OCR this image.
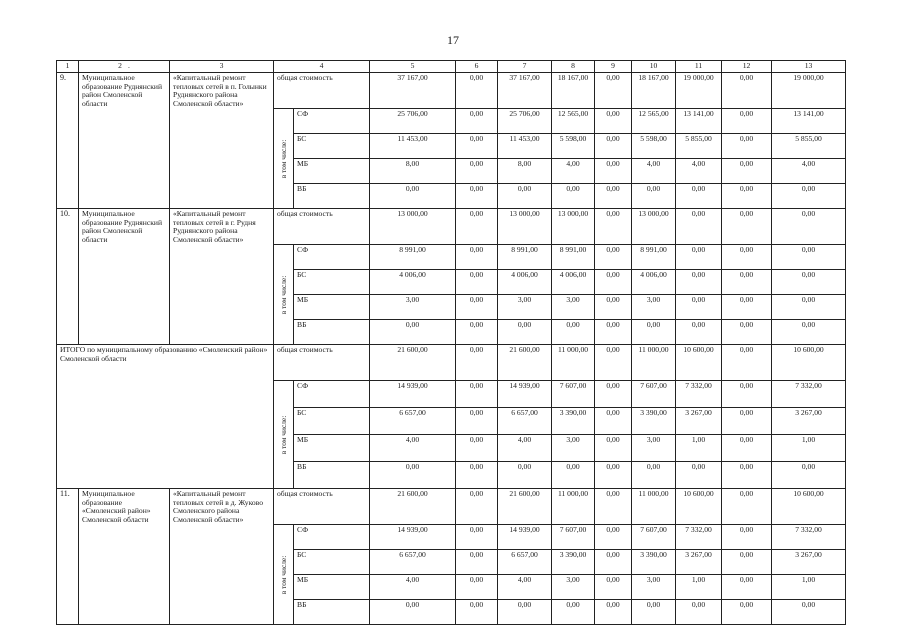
17
1	2 .	3	4		5	6	7	8	9	10	11	12	13
9.	Муниципальное образование Руднянский район Смоленской области	«Капитальный ремонт тепловых сетей в п. Голынки Руднянского района Смоленской области»	общая стоимость		37 167,00	0,00	37 167,00	18 167,00	0,00	18 167,00	19 000,00	0,00	19 000,00

			в том числе:	СФ	25 706,00	0,00	25 706,00	12 565,00	0,00	12 565,00	13 141,00	0,00	13 141,00
				БС	11 453,00	0,00	11 453,00	5 598,00	0,00	5 598,00	5 855,00	0,00	5 855,00
				МБ	8,00	0,00	8,00	4,00	0,00	4,00	4,00	0,00	4,00
				ВБ	0,00	0,00	0,00	0,00	0,00	0,00	0,00	0,00	0,00
10.	Муниципальное образование Руднянский район Смоленской области	«Капитальный ремонт тепловых сетей в г. Рудня Руднянского района Смоленской области»	общая стоимость		13 000,00	0,00	13 000,00	13 000,00	0,00	13 000,00	0,00	0,00	0,00

			в том числе:	СФ	8 991,00	0,00	8 991,00	8 991,00	0,00	8 991,00	0,00	0,00	0,00
				БС	4 006,00	0,00	4 006,00	4 006,00	0,00	4 006,00	0,00	0,00	0,00
				МБ	3,00	0,00	3,00	3,00	0,00	3,00	0,00	0,00	0,00
				ВБ	0,00	0,00	0,00	0,00	0,00	0,00	0,00	0,00	0,00
ИТОГО по муниципальному образованию «Смоленский район» Смоленской области			общая стоимость		21 600,00	0,00	21 600,00	11 000,00	0,00	11 000,00	10 600,00	0,00	10 600,00

			в том числе:	СФ	14 939,00	0,00	14 939,00	7 607,00	0,00	7 607,00	7 332,00	0,00	7 332,00
				БС	6 657,00	0,00	6 657,00	3 390,00	0,00	3 390,00	3 267,00	0,00	3 267,00
				МБ	4,00	0,00	4,00	3,00	0,00	3,00	1,00	0,00	1,00
				ВБ	0,00	0,00	0,00	0,00	0,00	0,00	0,00	0,00	0,00
11.	Муниципальное образование «Смоленский район» Смоленской области	«Капитальный ремонт тепловых сетей в д. Жуково Смоленского района Смоленской области»	общая стоимость		21 600,00	0,00	21 600,00	11 000,00	0,00	11 000,00	10 600,00	0,00	10 600,00

			в том числе:	СФ	14 939,00	0,00	14 939,00	7 607,00	0,00	7 607,00	7 332,00	0,00	7 332,00
				БС	6 657,00	0,00	6 657,00	3 390,00	0,00	3 390,00	3 267,00	0,00	3 267,00
				МБ	4,00	0,00	4,00	3,00	0,00	3,00	1,00	0,00	1,00
				ВБ	0,00	0,00	0,00	0,00	0,00	0,00	0,00	0,00	0,00
